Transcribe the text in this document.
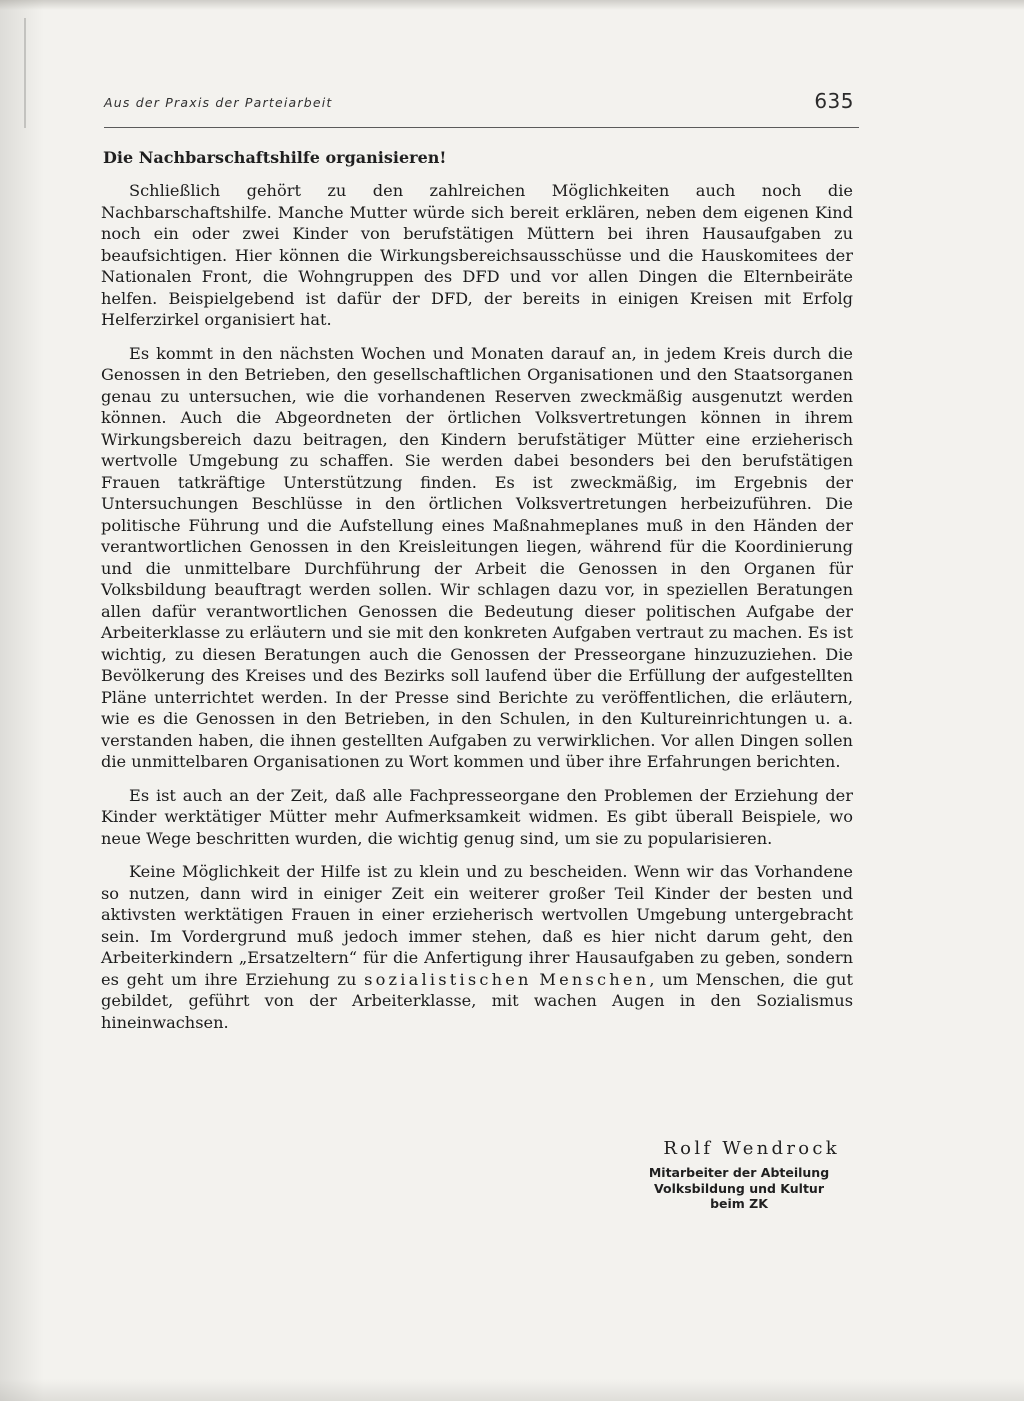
Aus der Praxis der Parteiarbeit	635
Die Nachbarschaftshilfe organisieren!

Schließlich gehört zu den zahlreichen Möglichkeiten auch noch die Nachbarschaftshilfe. Manche Mutter würde sich bereit erklären, neben dem eigenen Kind noch ein oder zwei Kinder von berufstätigen Müttern bei ihren Hausaufgaben zu beaufsichtigen. Hier können die Wirkungsbereichsausschüsse und die Hauskomitees der Nationalen Front, die Wohngruppen des DFD und vor allen Dingen die Elternbeiräte helfen. Beispielgebend ist dafür der DFD, der bereits in einigen Kreisen mit Erfolg Helferzirkel organisiert hat.

Es kommt in den nächsten Wochen und Monaten darauf an, in jedem Kreis durch die Genossen in den Betrieben, den gesellschaftlichen Organisationen und den Staatsorganen genau zu untersuchen, wie die vorhandenen Reserven zweckmäßig ausgenutzt werden können. Auch die Abgeordneten der örtlichen Volksvertretungen können in ihrem Wirkungsbereich dazu beitragen, den Kindern berufstätiger Mütter eine erzieherisch wertvolle Umgebung zu schaffen. Sie werden dabei besonders bei den berufstätigen Frauen tatkräftige Unterstützung finden. Es ist zweckmäßig, im Ergebnis der Untersuchungen Beschlüsse in den örtlichen Volksvertretungen herbeizuführen. Die politische Führung und die Aufstellung eines Maßnahmeplanes muß in den Händen der verantwortlichen Genossen in den Kreisleitungen liegen, während für die Koordinierung und die unmittelbare Durchführung der Arbeit die Genossen in den Organen für Volksbildung beauftragt werden sollen. Wir schlagen dazu vor, in speziellen Beratungen allen dafür verantwortlichen Genossen die Bedeutung dieser politischen Aufgabe der Arbeiterklasse zu erläutern und sie mit den konkreten Aufgaben vertraut zu machen. Es ist wichtig, zu diesen Beratungen auch die Genossen der Presseorgane hinzuzuziehen. Die Bevölkerung des Kreises und des Bezirks soll laufend über die Erfüllung der aufgestellten Pläne unterrichtet werden. In der Presse sind Berichte zu veröffentlichen, die erläutern, wie es die Genossen in den Betrieben, in den Schulen, in den Kultureinrichtungen u. a. verstanden haben, die ihnen gestellten Aufgaben zu verwirklichen. Vor allen Dingen sollen die unmittelbaren Organisationen zu Wort kommen und über ihre Erfahrungen berichten.

Es ist auch an der Zeit, daß alle Fachpresseorgane den Problemen der Erziehung der Kinder werktätiger Mütter mehr Aufmerksamkeit widmen. Es gibt überall Beispiele, wo neue Wege beschritten wurden, die wichtig genug sind, um sie zu popularisieren.

Keine Möglichkeit der Hilfe ist zu klein und zu bescheiden. Wenn wir das Vorhandene so nutzen, dann wird in einiger Zeit ein weiterer großer Teil Kinder der besten und aktivsten werktätigen Frauen in einer erzieherisch wertvollen Umgebung untergebracht sein. Im Vordergrund muß jedoch immer stehen, daß es hier nicht darum geht, den Arbeiterkindern „Ersatzeltern“ für die Anfertigung ihrer Hausaufgaben zu geben, sondern es geht um ihre Erziehung zu sozialistischen Menschen, um Menschen, die gut gebildet, geführt von der Arbeiterklasse, mit wachen Augen in den Sozialismus hineinwachsen.

Rolf Wendrock
Mitarbeiter der Abteilung
Volksbildung und Kultur
beim ZK
